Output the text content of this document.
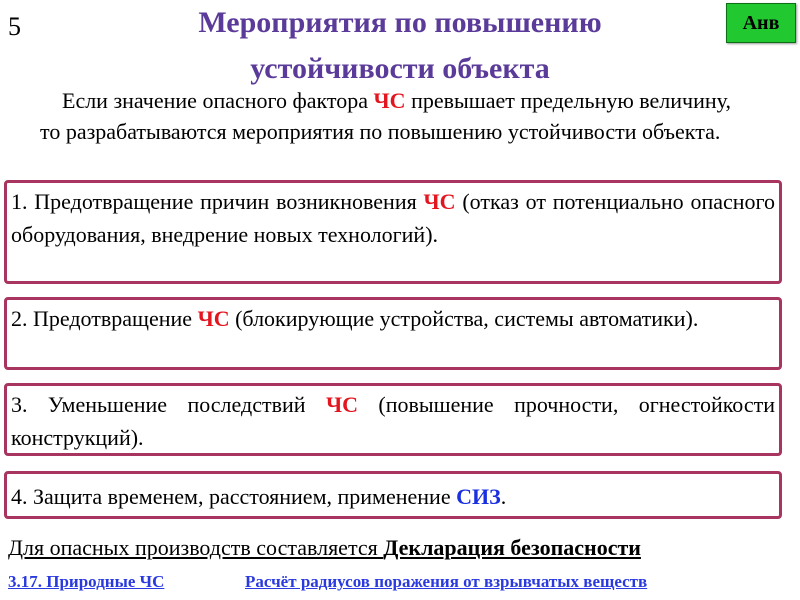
5	Анв
Мероприятия по повышению устойчивости объекта
Если значение опасного фактора ЧС превышает предельную величину, то разрабатываются мероприятия по повышению устойчивости объекта.
1. Предотвращение причин возникновения ЧС (отказ от потенциально опасного оборудования, внедрение новых технологий).
2. Предотвращение ЧС (блокирующие устройства, системы автоматики).
3. Уменьшение последствий ЧС (повышение прочности, огнестойкости конструкций).
4. Защита временем, расстоянием, применение СИЗ.
Для опасных производств составляется Декларация безопасности
3.17. Природные ЧС	Расчёт радиусов поражения от взрывчатых веществ
